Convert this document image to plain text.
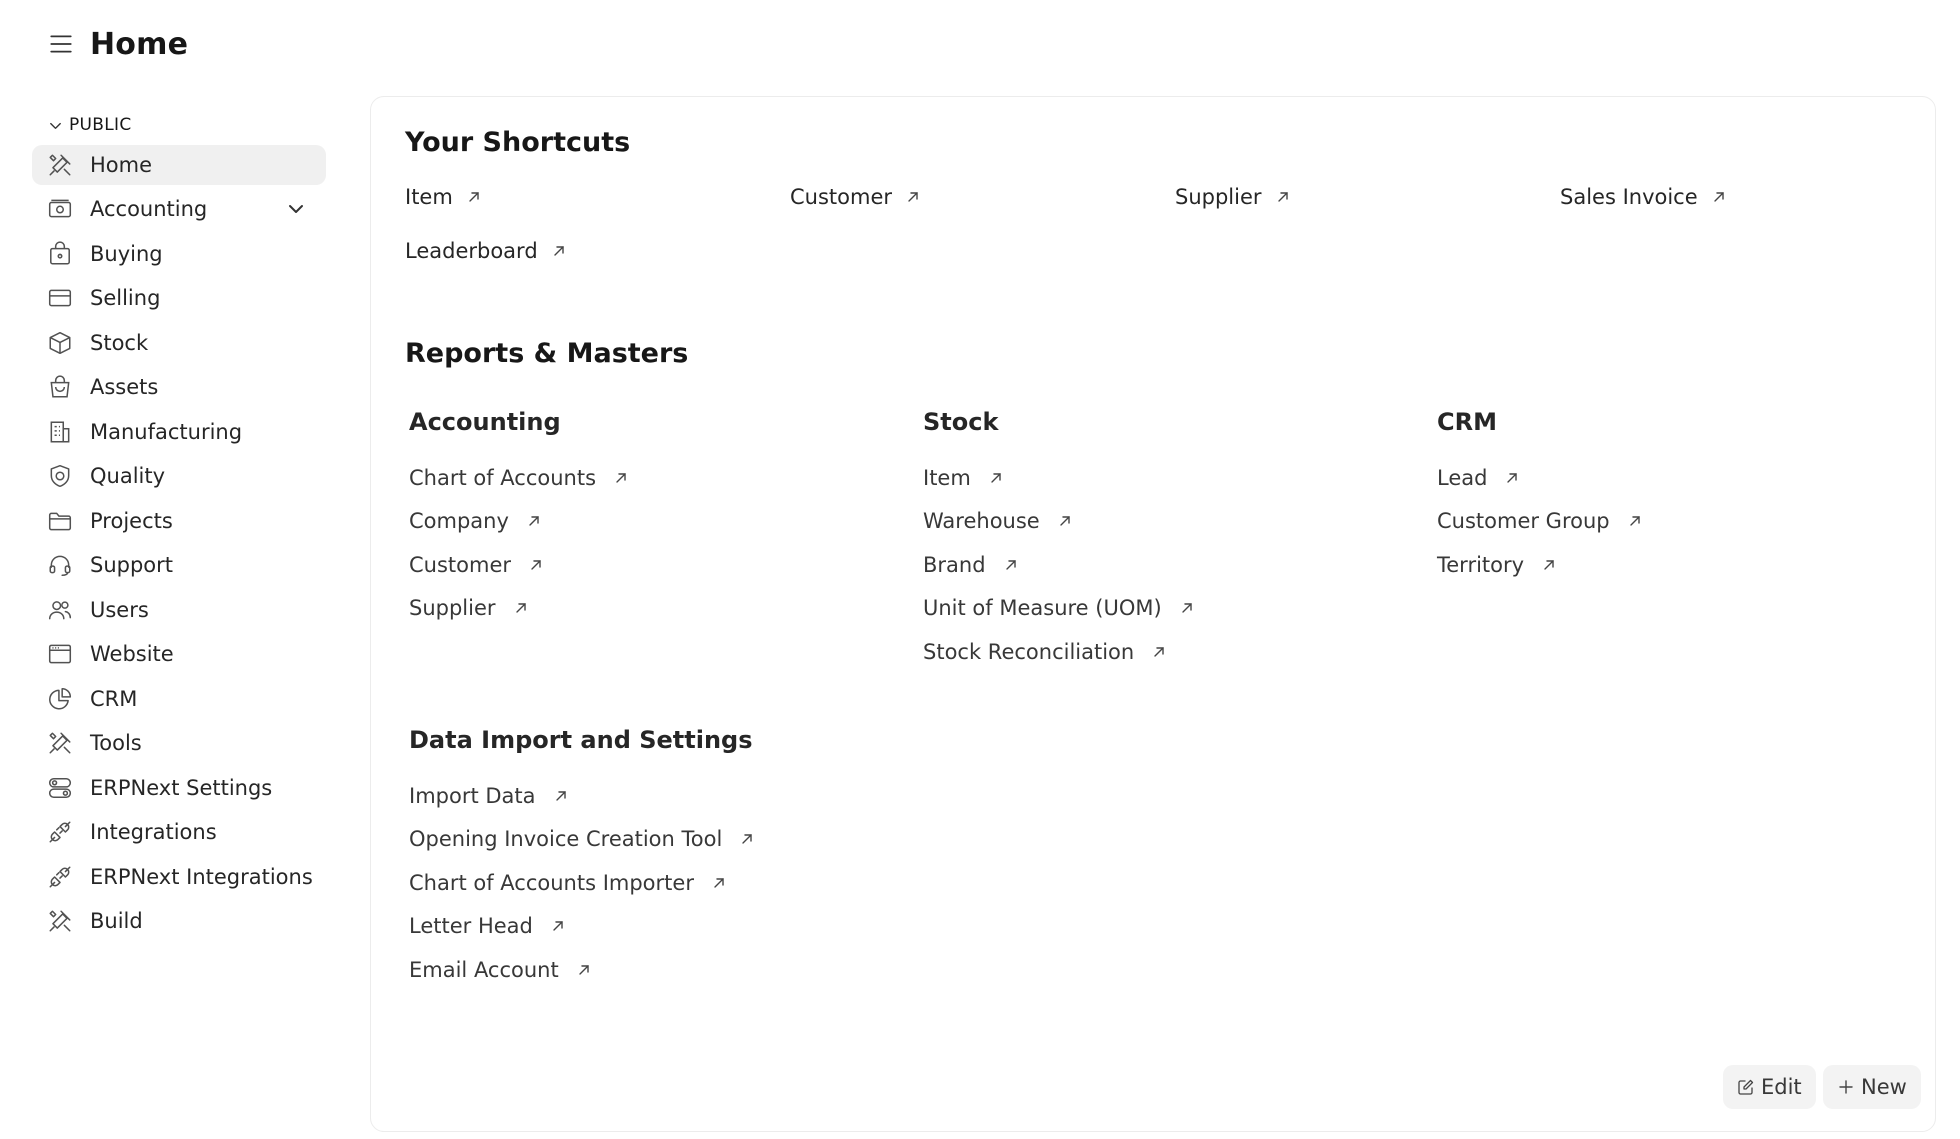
Home
PUBLIC
Home
Accounting
Buying
Selling
Stock
Assets
Manufacturing
Quality
Projects
Support
Users
Website
CRM
Tools
ERPNext Settings
Integrations
ERPNext Integrations
Build
Your Shortcuts
Item	Customer	Supplier	Sales Invoice
Leaderboard
Reports & Masters
Accounting
Chart of Accounts
Company
Customer
Supplier
Stock
Item
Warehouse
Brand
Unit of Measure (UOM)
Stock Reconciliation
CRM
Lead
Customer Group
Territory
Data Import and Settings
Import Data
Opening Invoice Creation Tool
Chart of Accounts Importer
Letter Head
Email Account
Edit	New
